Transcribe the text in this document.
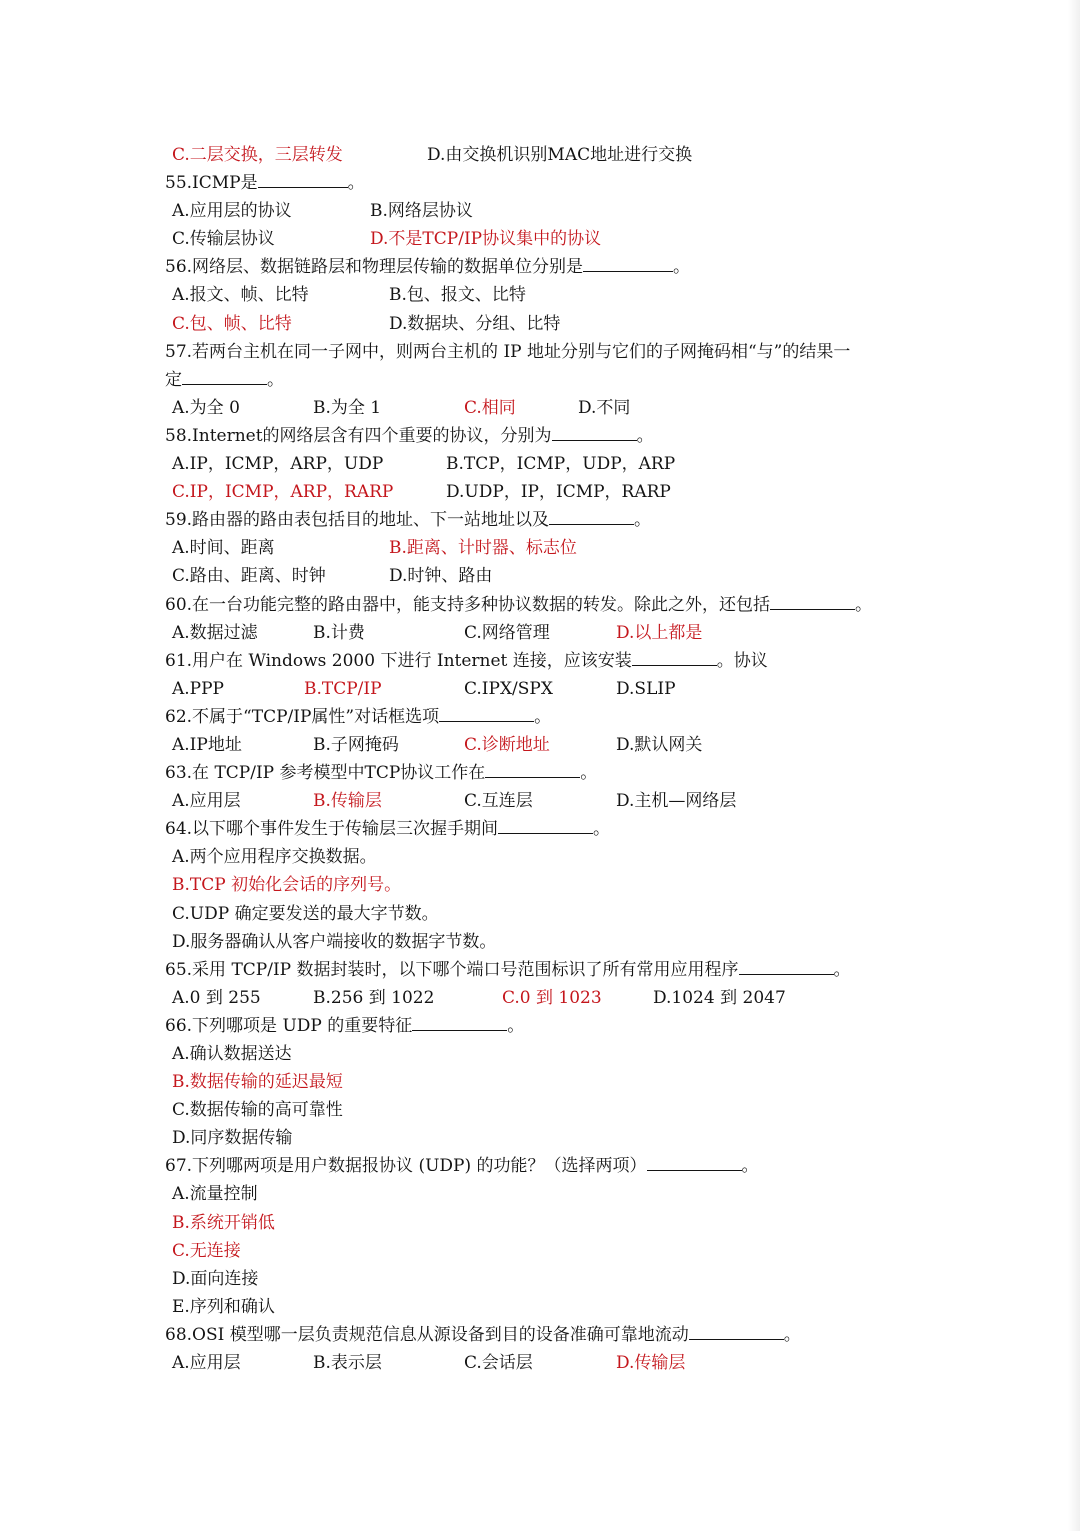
C.二层交换，三层转发	D.由交换机识别MAC地址进行交换
55.ICMP是	。
A.应用层的协议	B.网络层协议
C.传输层协议	D.不是TCP/IP协议集中的协议
56.网络层、数据链路层和物理层传输的数据单位分别是	。
A.报文、帧、比特	B.包、报文、比特
C.包、帧、比特	D.数据块、分组、比特
57.若两台主机在同一子网中，则两台主机的 IP 地址分别与它们的子网掩码相“与”的结果一
定	。
A.为全 0	B.为全 1	C.相同	D.不同
58.Internet的网络层含有四个重要的协议，分别为	。
A.IP，ICMP，ARP，UDP	B.TCP，ICMP，UDP，ARP
C.IP，ICMP，ARP，RARP	D.UDP，IP，ICMP，RARP
59.路由器的路由表包括目的地址、下一站地址以及	。
A.时间、距离	B.距离、计时器、标志位
C.路由、距离、时钟	D.时钟、路由
60.在一台功能完整的路由器中，能支持多种协议数据的转发。除此之外，还包括	。
A.数据过滤	B.计费	C.网络管理	D.以上都是
61.用户在 Windows 2000 下进行 Internet 连接，应该安装	。协议
A.PPP	B.TCP/IP	C.IPX/SPX	D.SLIP
62.不属于“TCP/IP属性”对话框选项	。
A.IP地址	B.子网掩码	C.诊断地址	D.默认网关
63.在 TCP/IP 参考模型中TCP协议工作在	。
A.应用层	B.传输层	C.互连层	D.主机—网络层
64.以下哪个事件发生于传输层三次握手期间	。
A.两个应用程序交换数据。
B.TCP 初始化会话的序列号。
C.UDP 确定要发送的最大字节数。
D.服务器确认从客户端接收的数据字节数。
65.采用 TCP/IP 数据封装时，以下哪个端口号范围标识了所有常用应用程序	。
A.0 到 255	B.256 到 1022	C.0 到 1023	D.1024 到 2047
66.下列哪项是 UDP 的重要特征	。
A.确认数据送达
B.数据传输的延迟最短
C.数据传输的高可靠性
D.同序数据传输
67.下列哪两项是用户数据报协议 (UDP) 的功能？（选择两项）	。
A.流量控制
B.系统开销低
C.无连接
D.面向连接
E.序列和确认
68.OSI 模型哪一层负责规范信息从源设备到目的设备准确可靠地流动	。
A.应用层	B.表示层	C.会话层	D.传输层
